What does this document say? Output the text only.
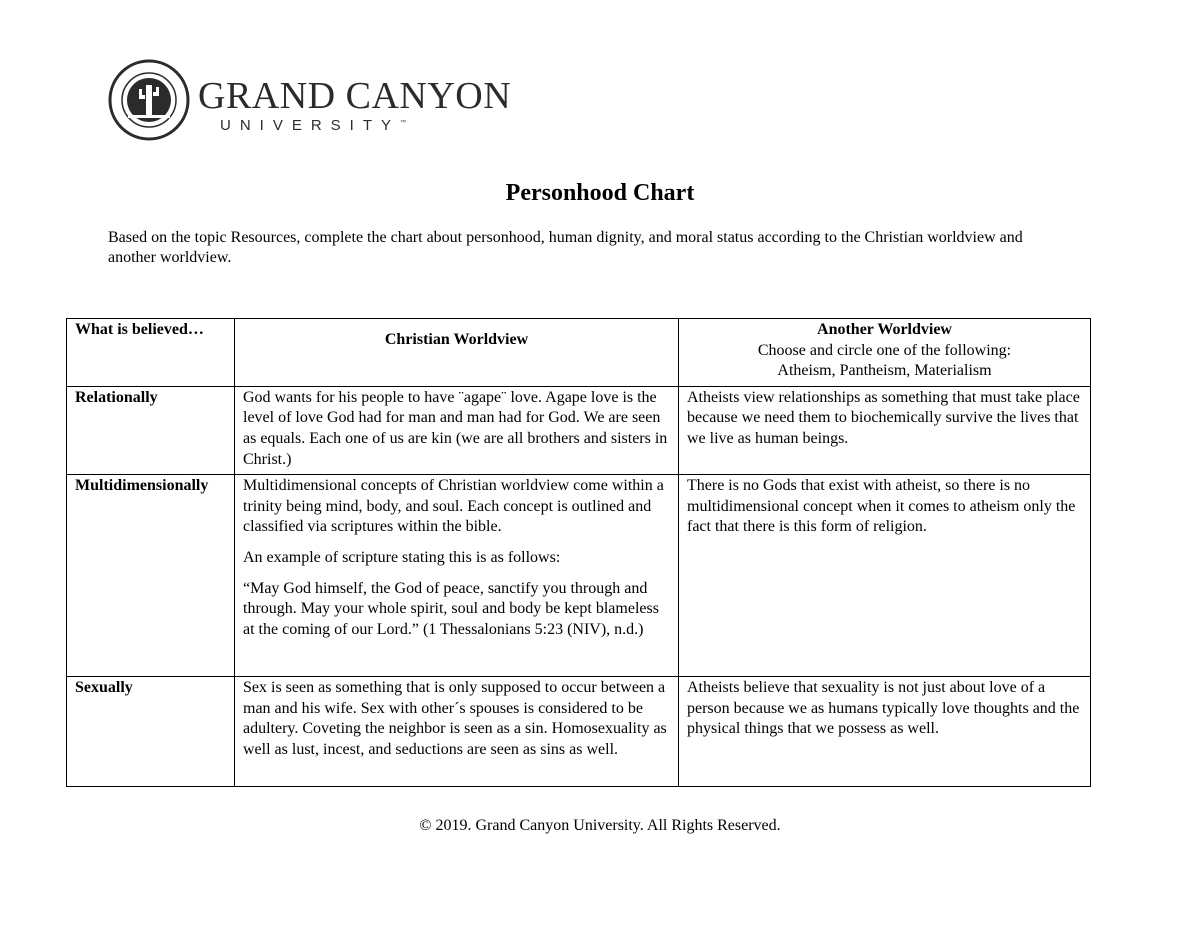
GRAND CANYON
UNIVERSITY™
Personhood Chart
Based on the topic Resources, complete the chart about personhood, human dignity, and moral status according to the Christian worldview and another worldview.
What is believed…	Christian Worldview	Another Worldview
Choose and circle one of the following:
Atheism, Pantheism, Materialism

Relationally	God wants for his people to have ¨agape¨ love. Agape love is the level of love God had for man and man had for God. We are seen as equals. Each one of us are kin (we are all brothers and sisters in Christ.)	Atheists view relationships as something that must take place because we need them to biochemically survive the lives that we live as human beings.

Multidimensionally	Multidimensional concepts of Christian worldview come within a trinity being mind, body, and soul. Each concept is outlined and classified via scriptures within the bible.

An example of scripture stating this is as follows:

“May God himself, the God of peace, sanctify you through and through. May your whole spirit, soul and body be kept blameless at the coming of our Lord.” (1 Thessalonians 5:23 (NIV), n.d.)	There is no Gods that exist with atheist, so there is no multidimensional concept when it comes to atheism only the fact that there is this form of religion.

Sexually	Sex is seen as something that is only supposed to occur between a man and his wife. Sex with other´s spouses is considered to be adultery. Coveting the neighbor is seen as a sin. Homosexuality as well as lust, incest, and seductions are seen as sins as well.	Atheists believe that sexuality is not just about love of a person because we as humans typically love thoughts and the physical things that we possess as well.

© 2019. Grand Canyon University. All Rights Reserved.
